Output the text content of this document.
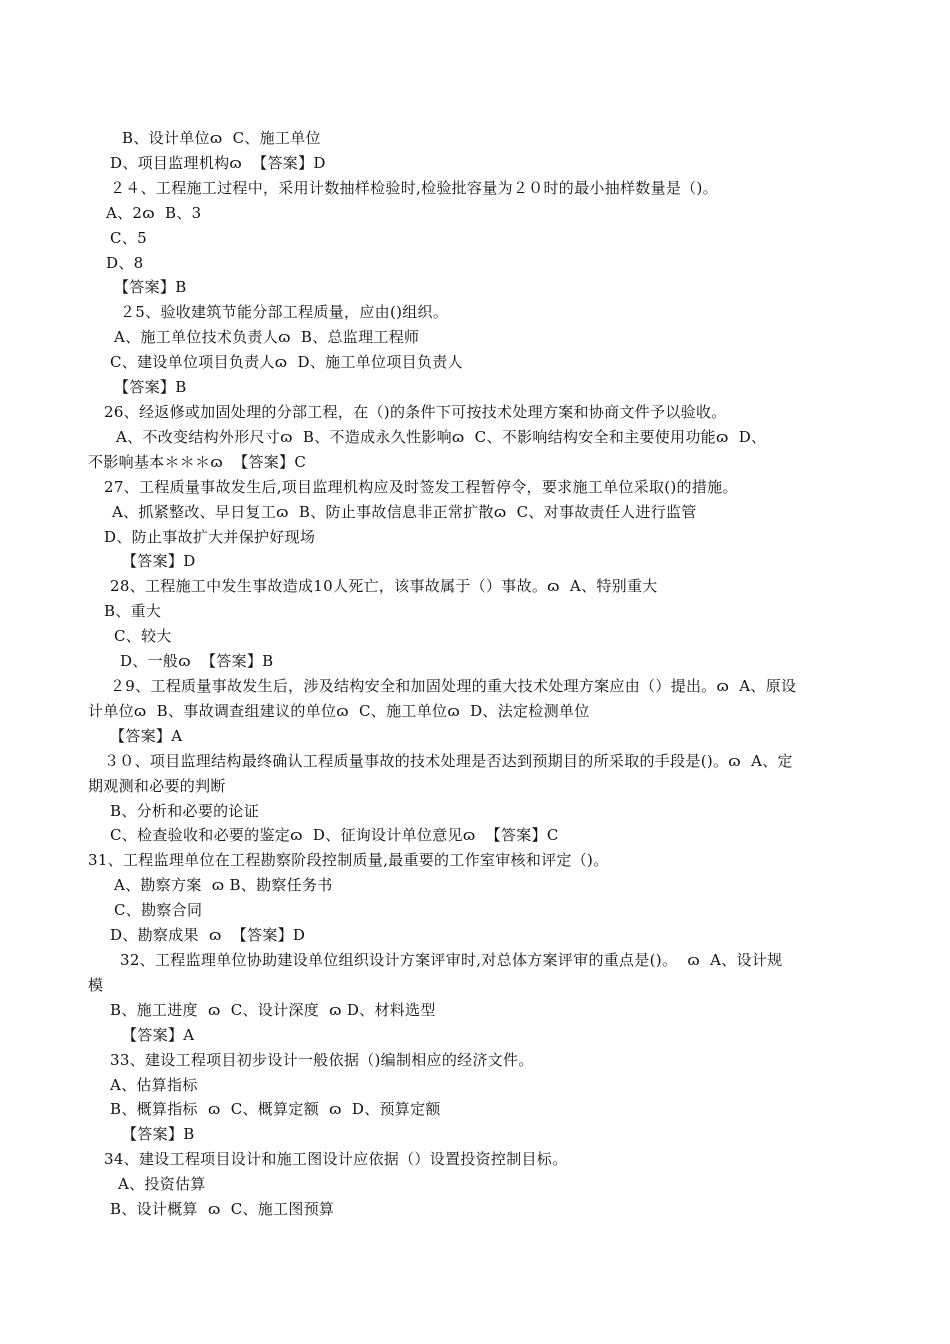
B、设计单位ɷ  C、施工单位
D、项目监理机构ɷ  【答案】D
２４、工程施工过程中，采用计数抽样检验时,检验批容量为２０时的最小抽样数量是（)。
A、2ɷ  B、3
C、5
D、8
【答案】B
２5、验收建筑节能分部工程质量，应由()组织。
A、施工单位技术负责人ɷ  B、总监理工程师
C、建设单位项目负责人ɷ  D、施工单位项目负责人
【答案】B
26、经返修或加固处理的分部工程，在（)的条件下可按技术处理方案和协商文件予以验收。
A、不改变结构外形尺寸ɷ  B、不造成永久性影响ɷ  C、不影响结构安全和主要使用功能ɷ  D、
不影响基本＊＊＊ɷ  【答案】C
27、工程质量事故发生后,项目监理机构应及时签发工程暂停令，要求施工单位采取()的措施。
A、抓紧整改、早日复工ɷ  B、防止事故信息非正常扩散ɷ  C、对事故责任人进行监管
D、防止事故扩大并保护好现场
【答案】D
28、工程施工中发生事故造成10人死亡，该事故属于（）事故。ɷ  A、特别重大
B、重大
C、较大
D、一般ɷ  【答案】B
２9、工程质量事故发生后，涉及结构安全和加固处理的重大技术处理方案应由（）提出。ɷ  A、原设
计单位ɷ  B、事故调查组建议的单位ɷ  C、施工单位ɷ  D、法定检测单位
【答案】A
３０、项目监理结构最终确认工程质量事故的技术处理是否达到预期目的所采取的手段是()。ɷ  A、定
期观测和必要的判断
B、分析和必要的论证
C、检查验收和必要的鉴定ɷ  D、征询设计单位意见ɷ  【答案】C
31、工程监理单位在工程勘察阶段控制质量,最重要的工作室审核和评定（)。
A、勘察方案  ɷ B、勘察任务书
C、勘察合同
D、勘察成果  ɷ  【答案】D
32、工程监理单位协助建设单位组织设计方案评审时,对总体方案评审的重点是()。  ɷ  A、设计规
模
B、施工进度  ɷ  C、设计深度  ɷ D、材料选型
【答案】A
33、建设工程项目初步设计一般依据（)编制相应的经济文件。
A、估算指标
B、概算指标  ɷ  C、概算定额  ɷ  D、预算定额
【答案】B
34、建设工程项目设计和施工图设计应依据（）设置投资控制目标。
A、投资估算
B、设计概算  ɷ  C、施工图预算
